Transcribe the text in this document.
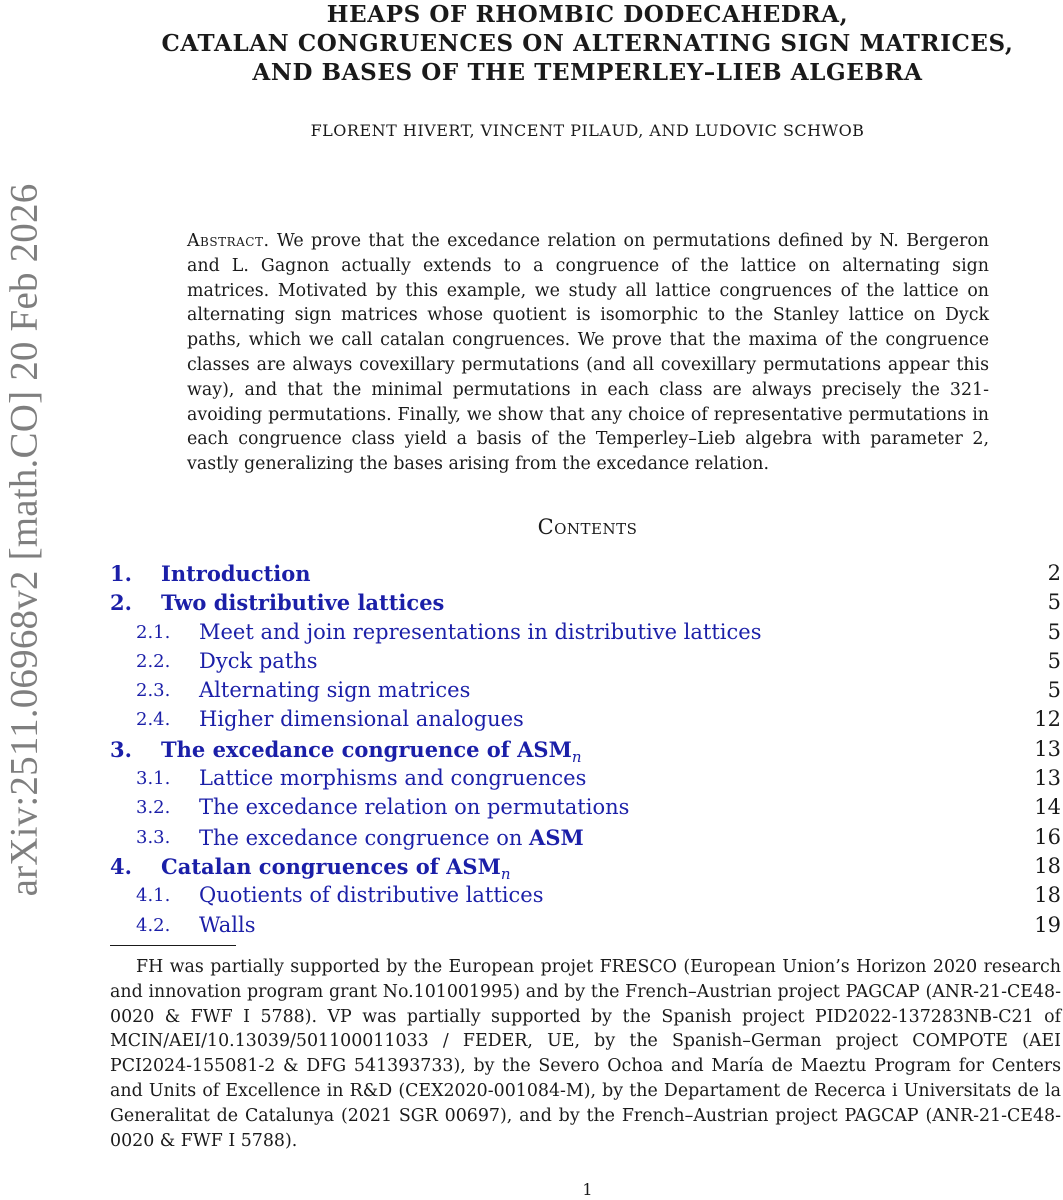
arXiv:2511.06968v2 [math.CO] 20 Feb 2026
HEAPS OF RHOMBIC DODECAHEDRA,
CATALAN CONGRUENCES ON ALTERNATING SIGN MATRICES,
AND BASES OF THE TEMPERLEY–LIEB ALGEBRA
FLORENT HIVERT, VINCENT PILAUD, AND LUDOVIC SCHWOB
Abstract. We prove that the excedance relation on permutations defined by N. Bergeron and L. Gagnon actually extends to a congruence of the lattice on alternating sign matrices. Motivated by this example, we study all lattice congruences of the lattice on alternating sign matrices whose quotient is isomorphic to the Stanley lattice on Dyck paths, which we call catalan congruences. We prove that the maxima of the congruence classes are always covexillary permutations (and all covexillary permutations appear this way), and that the minimal permutations in each class are always precisely the 321-avoiding permutations. Finally, we show that any choice of representative permutations in each congruence class yield a basis of the Temperley–Lieb algebra with parameter 2, vastly generalizing the bases arising from the excedance relation.
Contents
1. Introduction	2
2. Two distributive lattices	5
2.1. Meet and join representations in distributive lattices	5
2.2. Dyck paths	5
2.3. Alternating sign matrices	5
2.4. Higher dimensional analogues	12
3. The excedance congruence of $ASM_n$	13
3.1. Lattice morphisms and congruences	13
3.2. The excedance relation on permutations	14
3.3. The excedance congruence on ASM	16
4. Catalan congruences of $ASM_n$	18
4.1. Quotients of distributive lattices	18
4.2. Walls	19
FH was partially supported by the European projet FRESCO (European Union’s Horizon 2020 research and innovation program grant No.101001995) and by the French–Austrian project PAGCAP (ANR-21-CE48-0020 & FWF I 5788). VP was partially supported by the Spanish project PID2022-137283NB-C21 of MCIN/AEI/10.13039/501100011033 / FEDER, UE, by the Spanish–German project COMPOTE (AEI PCI2024-155081-2 & DFG 541393733), by the Severo Ochoa and María de Maeztu Program for Centers and Units of Excellence in R&D (CEX2020-001084-M), by the Departament de Recerca i Universitats de la Generalitat de Catalunya (2021 SGR 00697), and by the French–Austrian project PAGCAP (ANR-21-CE48-0020 & FWF I 5788).
1
